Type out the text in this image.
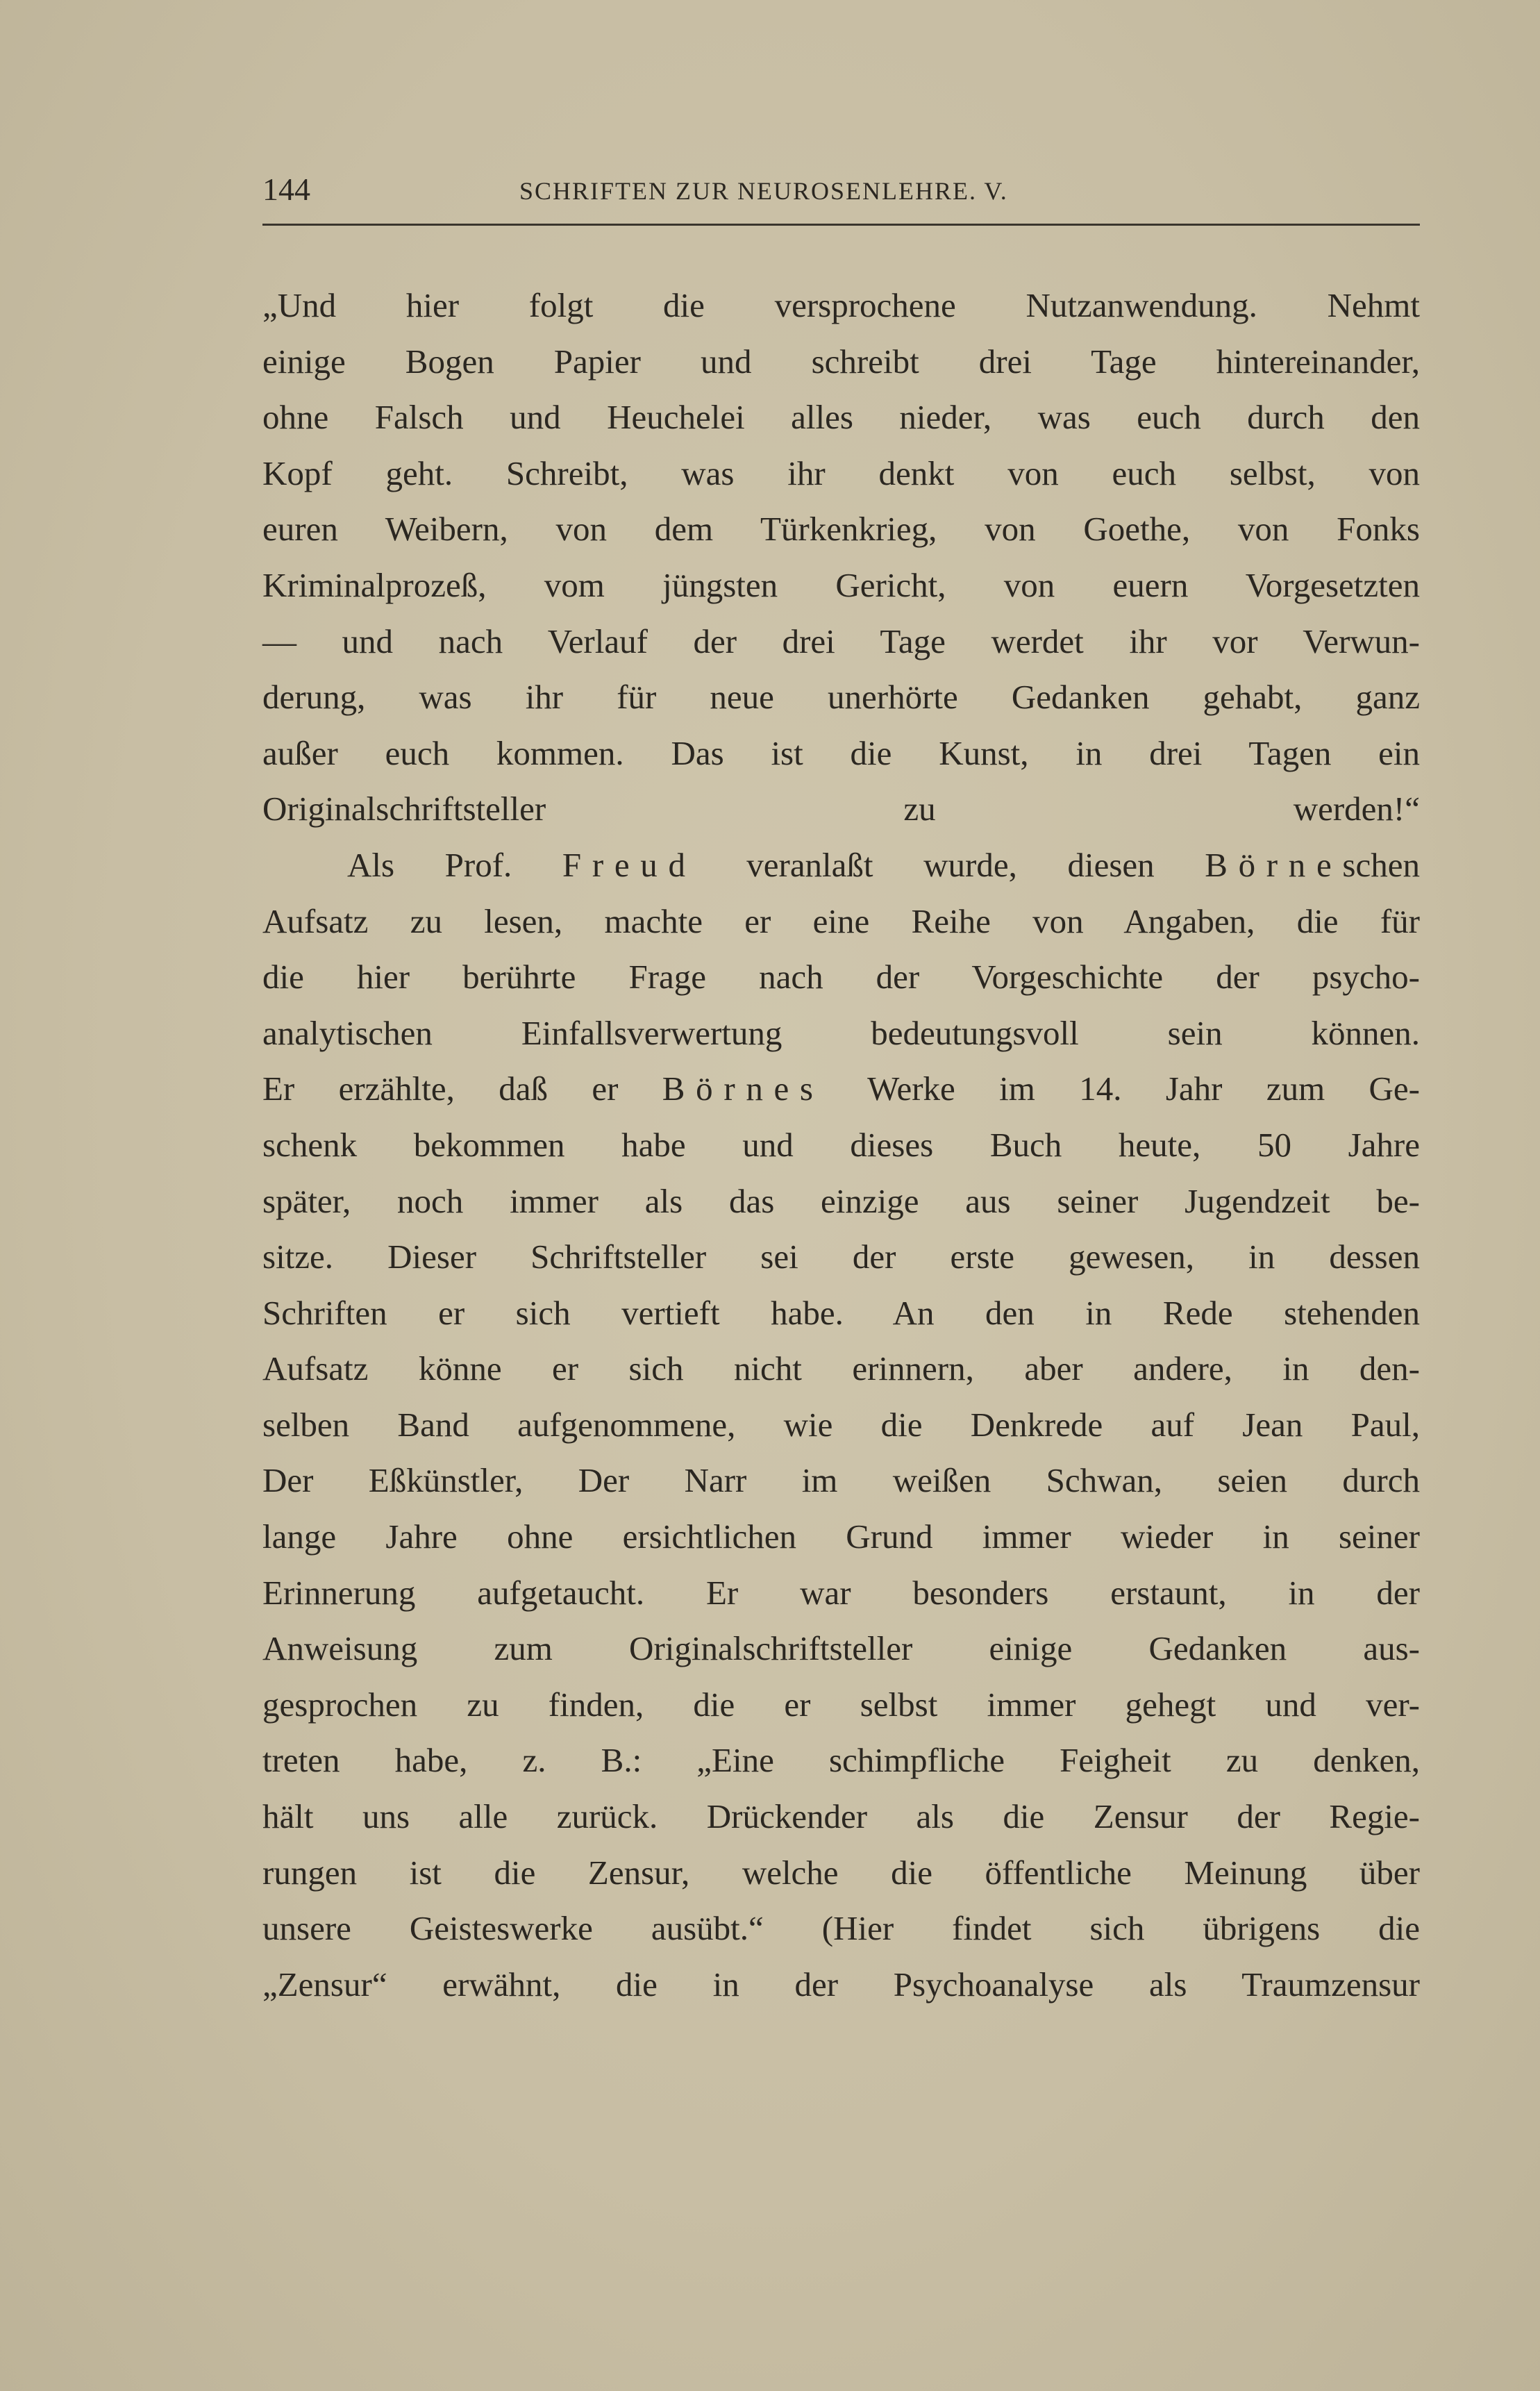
144	SCHRIFTEN ZUR NEUROSENLEHRE. V.
„Und hier folgt die versprochene Nutzanwendung. Nehmt
einige Bogen Papier und schreibt drei Tage hintereinander,
ohne Falsch und Heuchelei alles nieder, was euch durch den
Kopf geht. Schreibt, was ihr denkt von euch selbst, von
euren Weibern, von dem Türkenkrieg, von Goethe, von Fonks
Kriminalprozeß, vom jüngsten Gericht, von euern Vorgesetzten
— und nach Verlauf der drei Tage werdet ihr vor Verwun-
derung, was ihr für neue unerhörte Gedanken gehabt, ganz
außer euch kommen. Das ist die Kunst, in drei Tagen ein
Originalschriftsteller zu werden!“
Als Prof. Freud veranlaßt wurde, diesen Börneschen
Aufsatz zu lesen, machte er eine Reihe von Angaben, die für
die hier berührte Frage nach der Vorgeschichte der psycho-
analytischen Einfallsverwertung bedeutungsvoll sein können.
Er erzählte, daß er Börnes Werke im 14. Jahr zum Ge-
schenk bekommen habe und dieses Buch heute, 50 Jahre
später, noch immer als das einzige aus seiner Jugendzeit be-
sitze. Dieser Schriftsteller sei der erste gewesen, in dessen
Schriften er sich vertieft habe. An den in Rede stehenden
Aufsatz könne er sich nicht erinnern, aber andere, in den-
selben Band aufgenommene, wie die Denkrede auf Jean Paul,
Der Eßkünstler, Der Narr im weißen Schwan, seien durch
lange Jahre ohne ersichtlichen Grund immer wieder in seiner
Erinnerung aufgetaucht. Er war besonders erstaunt, in der
Anweisung zum Originalschriftsteller einige Gedanken aus-
gesprochen zu finden, die er selbst immer gehegt und ver-
treten habe, z. B.: „Eine schimpfliche Feigheit zu denken,
hält uns alle zurück. Drückender als die Zensur der Regie-
rungen ist die Zensur, welche die öffentliche Meinung über
unsere Geisteswerke ausübt.“ (Hier findet sich übrigens die
„Zensur“ erwähnt, die in der Psychoanalyse als Traumzensur
